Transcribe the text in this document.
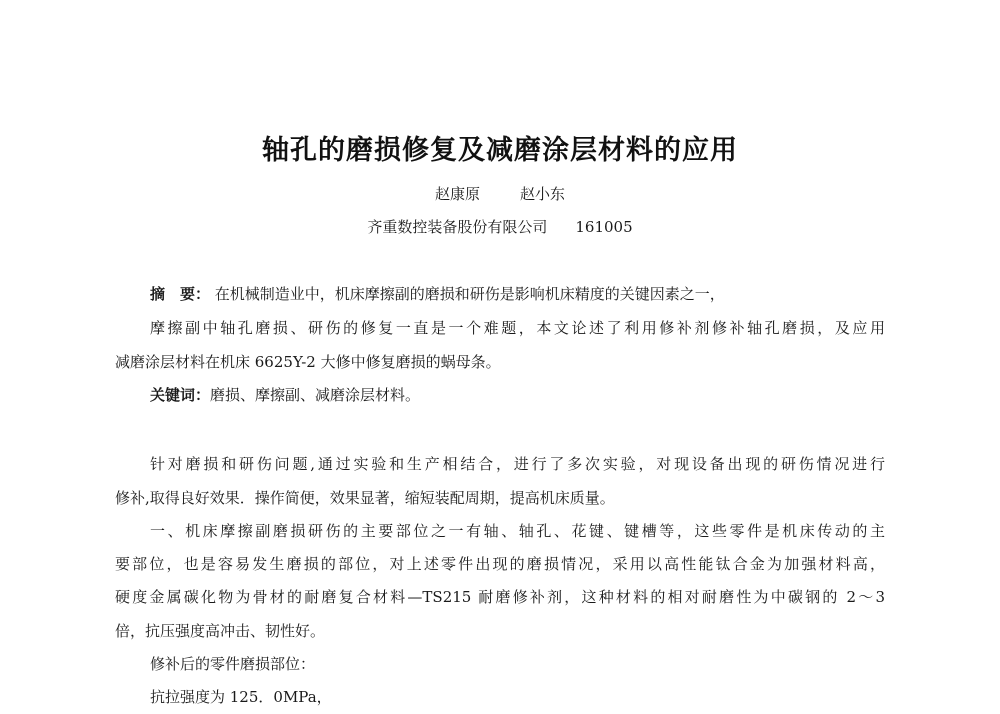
轴孔的磨损修复及减磨涂层材料的应用
赵康原	赵小东
齐重数控装备股份有限公司 161005
摘　要： 在机械制造业中，机床摩擦副的磨损和研伤是影响机床精度的关键因素之一，
摩擦副中轴孔磨损、研伤的修复一直是一个难题，本文论述了利用修补剂修补轴孔磨损，及应用
减磨涂层材料在机床 6625Y-2 大修中修复磨损的蜗母条。
关键词：磨损、摩擦副、减磨涂层材料。
针对磨损和研伤问题,通过实验和生产相结合，进行了多次实验，对现设备出现的研伤情况进行
修补,取得良好效果．操作简便，效果显著，缩短装配周期，提高机床质量。
一、机床摩擦副磨损研伤的主要部位之一有轴、轴孔、花键、键槽等，这些零件是机床传动的主
要部位，也是容易发生磨损的部位，对上述零件出现的磨损情况，采用以高性能钛合金为加强材料高，
硬度金属碳化物为骨材的耐磨复合材料—TS215 耐磨修补剂，这种材料的相对耐磨性为中碳钢的 2～3
倍，抗压强度高冲击、韧性好。
修补后的零件磨损部位：
抗拉强度为 125．0MPa，
